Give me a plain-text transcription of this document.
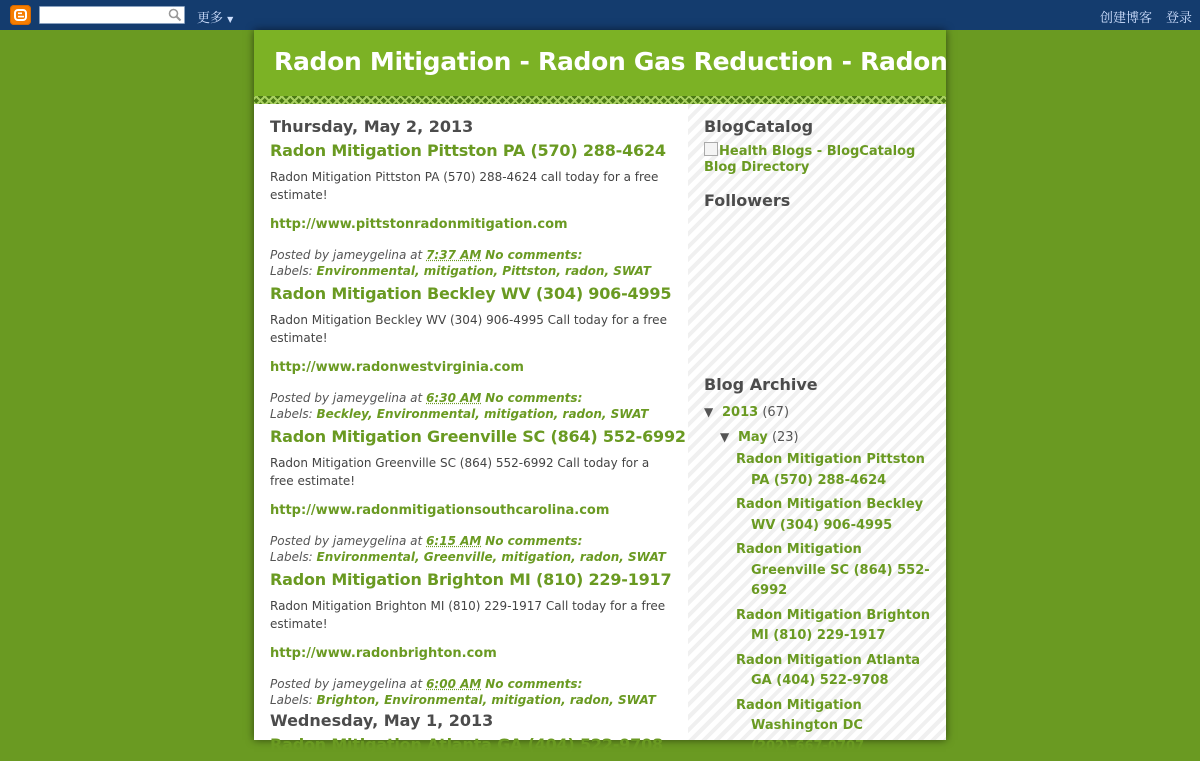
更多 ▼	创建博客 登录
Radon Mitigation - Radon Gas Reduction - Radon
Thursday, May 2, 2013
Radon Mitigation Pittston PA (570) 288-4624
Radon Mitigation Pittston PA (570) 288-4624 call today for a free estimate!
http://www.pittstonradonmitigation.com
Posted by jameygelina at 7:37 AM No comments:
Labels: Environmental, mitigation, Pittston, radon, SWAT
Radon Mitigation Beckley WV (304) 906-4995
Radon Mitigation Beckley WV (304) 906-4995 Call today for a free estimate!
http://www.radonwestvirginia.com
Posted by jameygelina at 6:30 AM No comments:
Labels: Beckley, Environmental, mitigation, radon, SWAT
Radon Mitigation Greenville SC (864) 552-6992
Radon Mitigation Greenville SC (864) 552-6992 Call today for a free estimate!
http://www.radonmitigationsouthcarolina.com
Posted by jameygelina at 6:15 AM No comments:
Labels: Environmental, Greenville, mitigation, radon, SWAT
Radon Mitigation Brighton MI (810) 229-1917
Radon Mitigation Brighton MI (810) 229-1917 Call today for a free estimate!
http://www.radonbrighton.com
Posted by jameygelina at 6:00 AM No comments:
Labels: Brighton, Environmental, mitigation, radon, SWAT
Wednesday, May 1, 2013
Radon Mitigation Atlanta GA (404) 522-9708
BlogCatalog
Health Blogs - BlogCatalog Blog Directory
Followers
Blog Archive
▼ 2013 (67)
▼ May (23)
Radon Mitigation Pittston PA (570) 288-4624
Radon Mitigation Beckley WV (304) 906-4995
Radon Mitigation Greenville SC (864) 552-6992
Radon Mitigation Brighton MI (810) 229-1917
Radon Mitigation Atlanta GA (404) 522-9708
Radon Mitigation Washington DC (202)-667-0707
